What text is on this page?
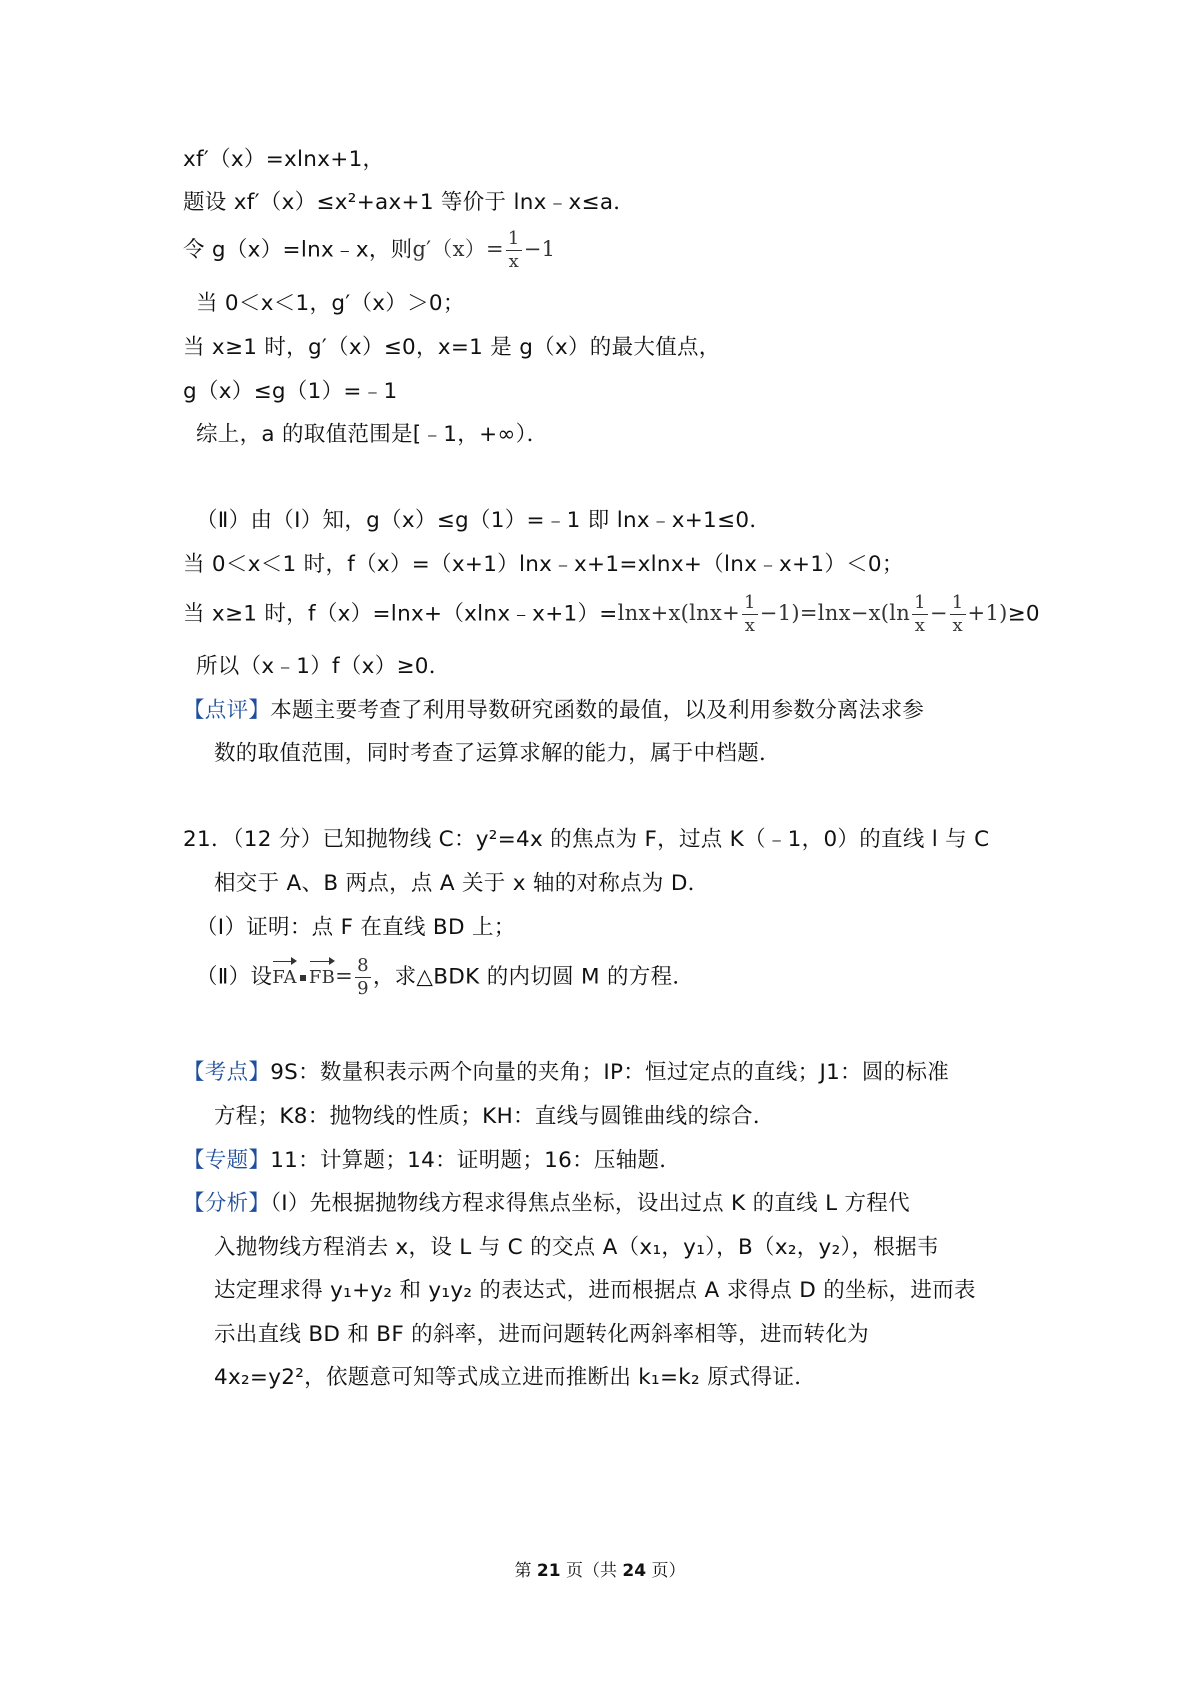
xf′（x）=xlnx+1，
题设 xf′（x）≤x²+ax+1 等价于 lnx﹣x≤a．
令 g（x）=lnx﹣x，则$g'(x)= \frac{1}{x} -1$
当 0＜x＜1，g′（x）＞0；
当 x≥1 时，g′（x）≤0，x=1 是 g（x）的最大值点，
g（x）≤g（1）=﹣1
综上，a 的取值范围是[﹣1，+∞）．
（Ⅱ）由（Ⅰ）知，g（x）≤g（1）=﹣1 即 lnx﹣x+1≤0．
当 0＜x＜1 时，f（x）=（x+1）lnx﹣x+1=xlnx+（lnx﹣x+1）＜0；
当 x≥1 时，f（x）=lnx+（xlnx﹣x+1）=lnx+x(lnx+ $\frac{1}{x} -1)=\ln x-x(\ln \frac{1}{x} - \frac{1}{x} +1)\ge 0$
所以（x﹣1）f（x）≥0．
【点评】本题主要考查了利用导数研究函数的最值，以及利用参数分离法求参
数的取值范围，同时考查了运算求解的能力，属于中档题．
21．（12 分）已知抛物线 C：y²=4x 的焦点为 F，过点 K（﹣1，0）的直线 l 与 C
相交于 A、B 两点，点 A 关于 x 轴的对称点为 D．
（Ⅰ）证明：点 F 在直线 BD 上；
（Ⅱ）设FA $FB= \frac{8}{9}$ ，求△BDK 的内切圆 M 的方程．
【考点】9S：数量积表示两个向量的夹角；IP：恒过定点的直线；J1：圆的标准
方程；K8：抛物线的性质；KH：直线与圆锥曲线的综合．
【专题】11：计算题；14：证明题；16：压轴题．
【分析】（Ⅰ）先根据抛物线方程求得焦点坐标，设出过点 K 的直线 L 方程代
入抛物线方程消去 x，设 L 与 C 的交点 A（x₁，y₁），B（x₂，y₂），根据韦
达定理求得 y₁+y₂ 和 y₁y₂ 的表达式，进而根据点 A 求得点 D 的坐标，进而表
示出直线 BD 和 BF 的斜率，进而问题转化两斜率相等，进而转化为
4x₂=y2²，依题意可知等式成立进而推断出 k₁=k₂ 原式得证．
第 21 页（共 24 页）
